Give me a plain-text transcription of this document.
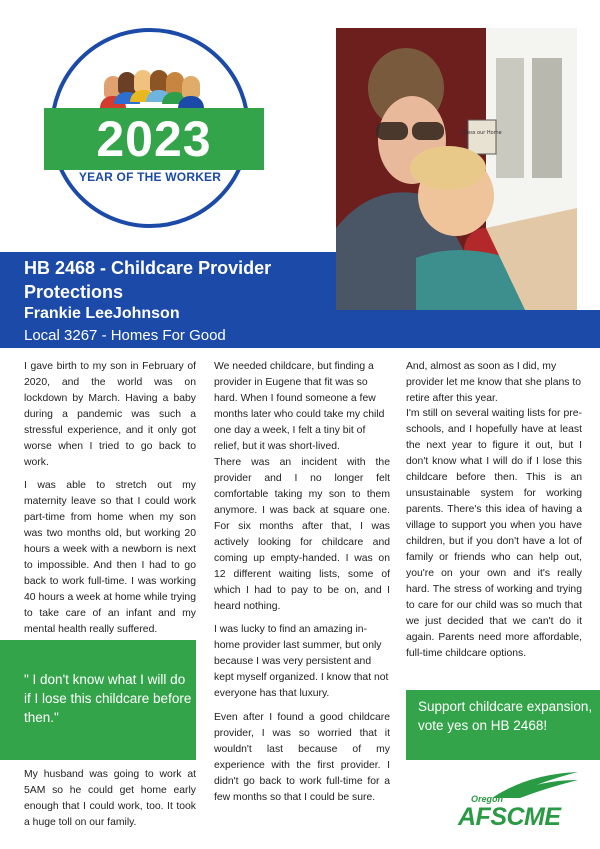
2023
YEAR OF THE WORKER
Bless our Home
HB 2468 - Childcare Provider Protections
Frankie LeeJohnson
Local 3267 - Homes For Good

I gave birth to my son in February of 2020, and the world was on lockdown by March. Having a baby during a pandemic was such a stressful experience, and it only got worse when I tried to go back to work.

I was able to stretch out my maternity leave so that I could work part-time from home when my son was two months old, but working 20 hours a week with a newborn is next to impossible. And then I had to go back to work full-time. I was working 40 hours a week at home while trying to take care of an infant and my mental health really suffered.

" I don't know what I will do if I lose this childcare before then."

My husband was going to work at 5AM so he could get home early enough that I could work, too. It took a huge toll on our family.

We needed childcare, but finding a provider in Eugene that fit was so hard. When I found someone a few months later who could take my child one day a week, I felt a tiny bit of relief, but it was short-lived.

There was an incident with the provider and I no longer felt comfortable taking my son to them anymore. I was back at square one. For six months after that, I was actively looking for childcare and coming up empty-handed. I was on 12 different waiting lists, some of which I had to pay to be on, and I heard nothing.

I was lucky to find an amazing in-home provider last summer, but only because I was very persistent and kept myself organized. I know that not everyone has that luxury.

Even after I found a good childcare provider, I was so worried that it wouldn't last because of my experience with the first provider. I didn't go back to work full-time for a few months so that I could be sure.

And, almost as soon as I did, my provider let me know that she plans to retire after this year.

I'm still on several waiting lists for pre-schools, and I hopefully have at least the next year to figure it out, but I don't know what I will do if I lose this childcare before then. This is an unsustainable system for working parents. There's this idea of having a village to support you when you have children, but if you don't have a lot of family or friends who can help out, you're on your own and it's really hard. The stress of working and trying to care for our child was so much that we just decided that we can't do it again. Parents need more affordable, full-time childcare options.

Support childcare expansion, vote yes on HB 2468!
Oregon
AFSCME
